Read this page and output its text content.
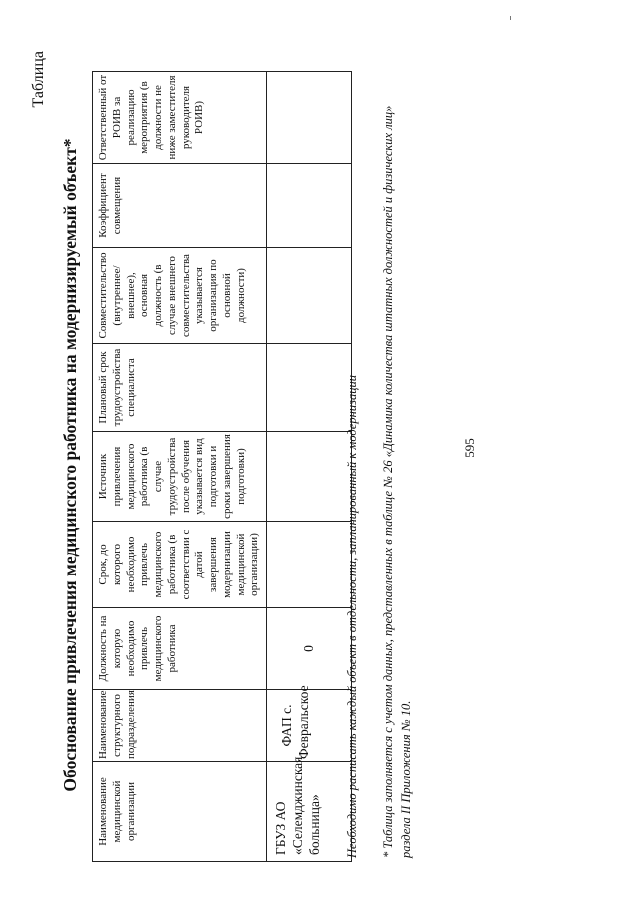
595
Таблица
Обоснование привлечения медицинского работника на модернизируемый объект*
Наименование медицинской организации	Наименование структурного подразделения	Должность на которую необходимо привлечь медицинского работника	Срок, до которого необходимо привлечь медицинского работника (в соответствии с датой завершения модернизации медицинской организации)	Источник привлечения медицинского работника (в случае трудоустройства после обучения указывается вид подготовки и сроки завершения подготовки)	Плановый срок трудоустройства специалиста	Совместительство (внутреннее/внешнее), основная должность (в случае внешнего совместительства указывается организация по основной должности)	Коэффициент совмещения	Ответственный от РОИВ за реализацию мероприятия (в должности не ниже заместителя руководителя РОИВ)
ГБУЗ АО «Селемджинская больница»	ФАП с. Февральское	0						Необходимо расписать каждый объект в отдельности, запланированный к модернизации * Таблица заполняется с учетом данных, представленных в таблице № 26 «Динамика количества штатных должностей и физических лиц» раздела II Приложения № 10.
